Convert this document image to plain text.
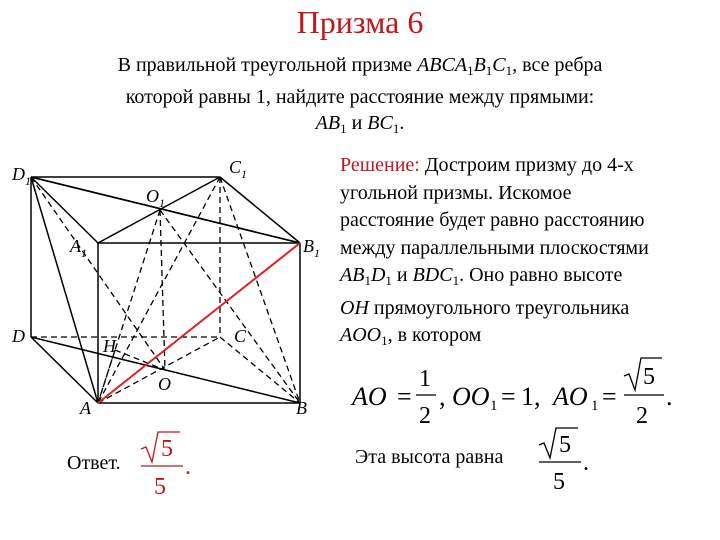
Призма 6
В правильной треугольной призме $ABCA_1B_1C_1$, все ребра
которой равны 1, найдите расстояние между прямыми:
$AB_1$ и $BC_1$.
Решение: Достроим призму до 4-х
угольной призмы. Искомое
расстояние будет равно расстоянию
между параллельными плоскостями
$AB_1D_1$ и $BDC_1$. Оно равно высоте
OH прямоугольного треугольника
$AOO_1$, в котором
Эта высота равна
Ответ.
$D_1$
$C_1$
$O_1$
$A_1$	$B_1$
D	C
H
O
A	B AO =
1
2
, OO 1 = 1, AO 1 =
5
2
.
5
5
.
5
5
.
